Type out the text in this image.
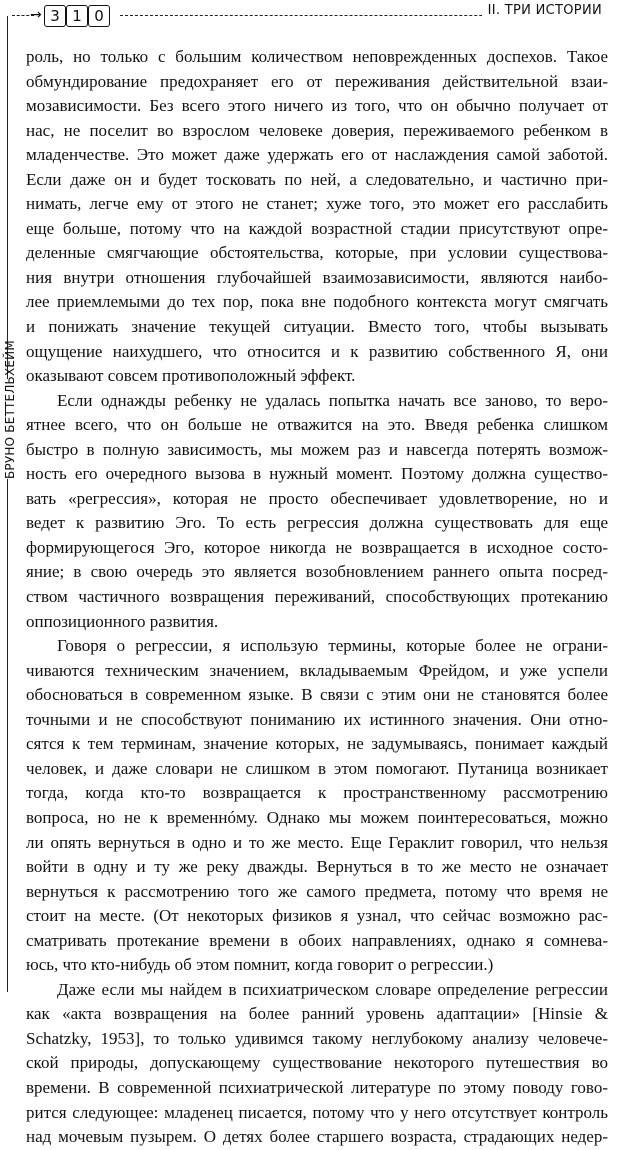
→ 3 1 0	II. ТРИ ИСТОРИИ
БРУНО БЕТТЕЛЬХЕЙМ
роль, но только с большим количеством неповрежденных доспехов. Такое
обмундирование предохраняет его от переживания действительной взаи-
мозависимости. Без всего этого ничего из того, что он обычно получает от
нас, не поселит во взрослом человеке доверия, переживаемого ребенком в
младенчестве. Это может даже удержать его от наслаждения самой заботой.
Если даже он и будет тосковать по ней, а следовательно, и частично при-
нимать, легче ему от этого не станет; хуже того, это может его расслабить
еще больше, потому что на каждой возрастной стадии присутствуют опре-
деленные смягчающие обстоятельства, которые, при условии существова-
ния внутри отношения глубочайшей взаимозависимости, являются наибо-
лее приемлемыми до тех пор, пока вне подобного контекста могут смягчать
и понижать значение текущей ситуации. Вместо того, чтобы вызывать
ощущение наихудшего, что относится и к развитию собственного Я, они
оказывают совсем противоположный эффект.
Если однажды ребенку не удалась попытка начать все заново, то веро-
ятнее всего, что он больше не отважится на это. Введя ребенка слишком
быстро в полную зависимость, мы можем раз и навсегда потерять возмож-
ность его очередного вызова в нужный момент. Поэтому должна существо-
вать «регрессия», которая не просто обеспечивает удовлетворение, но и
ведет к развитию Эго. То есть регрессия должна существовать для еще
формирующегося Эго, которое никогда не возвращается в исходное состо-
яние; в свою очередь это является возобновлением раннего опыта посред-
ством частичного возвращения переживаний, способствующих протеканию
оппозиционного развития.
Говоря о регрессии, я использую термины, которые более не ограни-
чиваются техническим значением, вкладываемым Фрейдом, и уже успели
обосноваться в современном языке. В связи с этим они не становятся более
точными и не способствуют пониманию их истинного значения. Они отно-
сятся к тем терминам, значение которых, не задумываясь, понимает каждый
человек, и даже словари не слишком в этом помогают. Путаница возникает
тогда, когда кто-то возвращается к пространственному рассмотрению
вопроса, но не к временнóму. Однако мы можем поинтересоваться, можно
ли опять вернуться в одно и то же место. Еще Гераклит говорил, что нельзя
войти в одну и ту же реку дважды. Вернуться в то же место не означает
вернуться к рассмотрению того же самого предмета, потому что время не
стоит на месте. (От некоторых физиков я узнал, что сейчас возможно рас-
сматривать протекание времени в обоих направлениях, однако я сомнева-
юсь, что кто-нибудь об этом помнит, когда говорит о регрессии.)
Даже если мы найдем в психиатрическом словаре определение регрессии
как «акта возвращения на более ранний уровень адаптации» [Hinsie &
Schatzky, 1953], то только удивимся такому неглубокому анализу человече-
ской природы, допускающему существование некоторого путешествия во
времени. В современной психиатрической литературе по этому поводу гово-
рится следующее: младенец писается, потому что у него отсутствует контроль
над мочевым пузырем. О детях более старшего возраста, страдающих недер-
